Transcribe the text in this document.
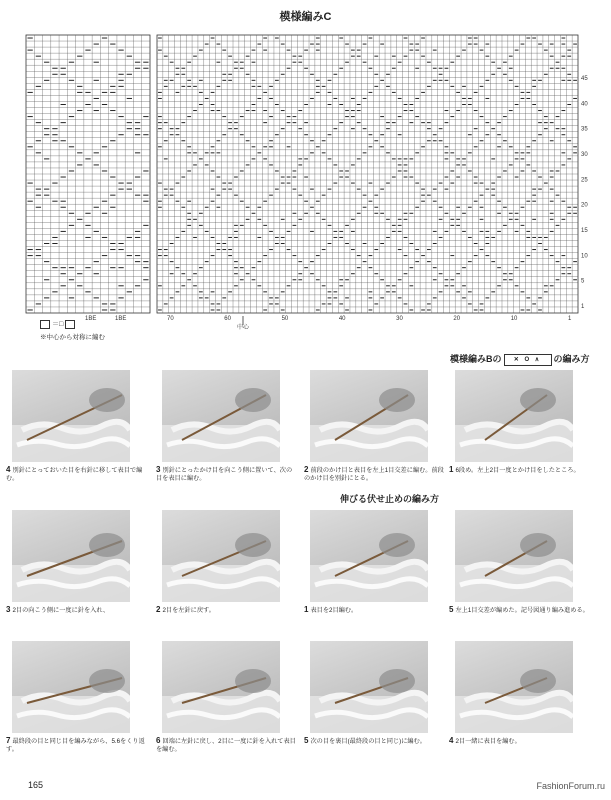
模様編みC
45
40
35
30
25
20
15
10
5
1
70	60	50	40	30	20	10	1
1BE	1BE
中心
＝□
※中心から対称に編む
模様編みBの ✕ O ∧ の編み方
伸びる伏せ止めの編み方
4 別針にとっておいた目を右針に移して表目で編む。
3 別針にとったかけ目を向こう側に置いて、次の目を表目に編む。
2 前段のかけ目と表目を左上1目交差に編む。前段のかけ目を別針にとる。
1 6段め。左上2目一度とかけ目をしたところ。
3 2目の向こう側に一度に針を入れ、	2 2目を左針に戻す。	1 表目を2目編む。	5 左上1目交差が編めた。記号図通り編み進める。
7 最終段の目と同じ目を編みながら、5.6をくり返す。
6 回端に左針に戻し、2目に一度に針を入れて表目を編む。
5 次の目を裏目(最終段の目と同じ)に編む。	4 2目一緒に表目を編む。
165	FashionForum.ru
